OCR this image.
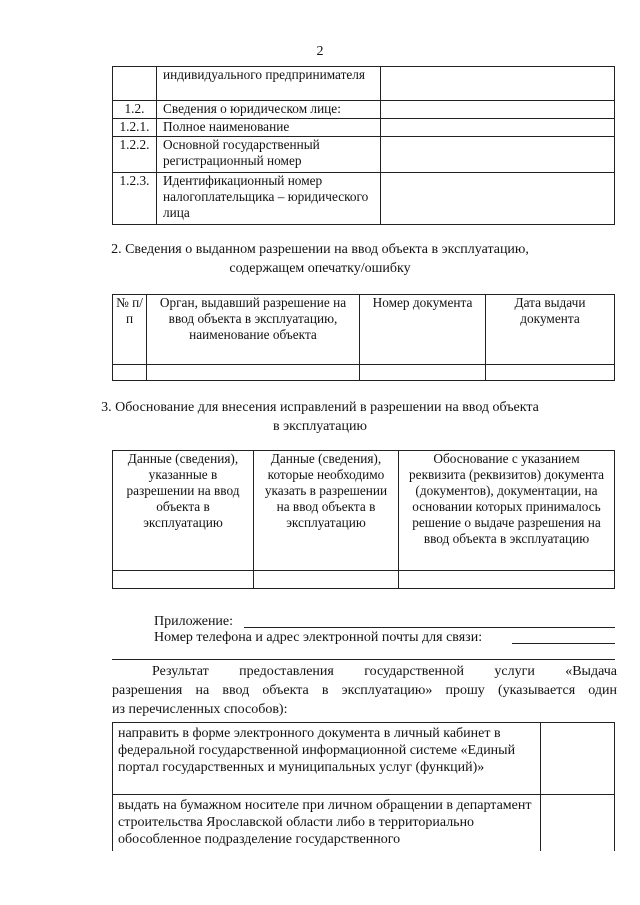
2
	индивидуального предпринимателя	
1.2.	Сведения о юридическом лице:	
1.2.1.	Полное наименование	
1.2.2.	Основной государственный регистрационный номер	
1.2.3.	Идентификационный номер налогоплательщика – юридического лица	
2. Сведения о выданном разрешении на ввод объекта в эксплуатацию,
содержащем опечатку/ошибку
№ п/п	Орган, выдавший разрешение на ввод объекта в эксплуатацию, наименование объекта	Номер документа	Дата выдачи документа

3. Обоснование для внесения исправлений в разрешении на ввод объекта
в эксплуатацию
Данные (сведения), указанные в разрешении на ввод объекта в эксплуатацию	Данные (сведения), которые необходимо указать в разрешении на ввод объекта в эксплуатацию	Обоснование с указанием реквизита (реквизитов) документа (документов), документации, на основании которых принималось решение о выдаче разрешения на ввод объекта в эксплуатацию

Приложение:
Номер телефона и адрес электронной почты для связи:
Результат предоставления государственной услуги «Выдача
разрешения на ввод объекта в эксплуатацию» прошу (указывается один
из перечисленных способов):
направить в форме электронного документа в личный кабинет в федеральной государственной информационной системе «Единый портал государственных и муниципальных услуг (функций)»	
выдать на бумажном носителе при личном обращении в департамент строительства Ярославской области либо в территориально обособленное подразделение государственного	
